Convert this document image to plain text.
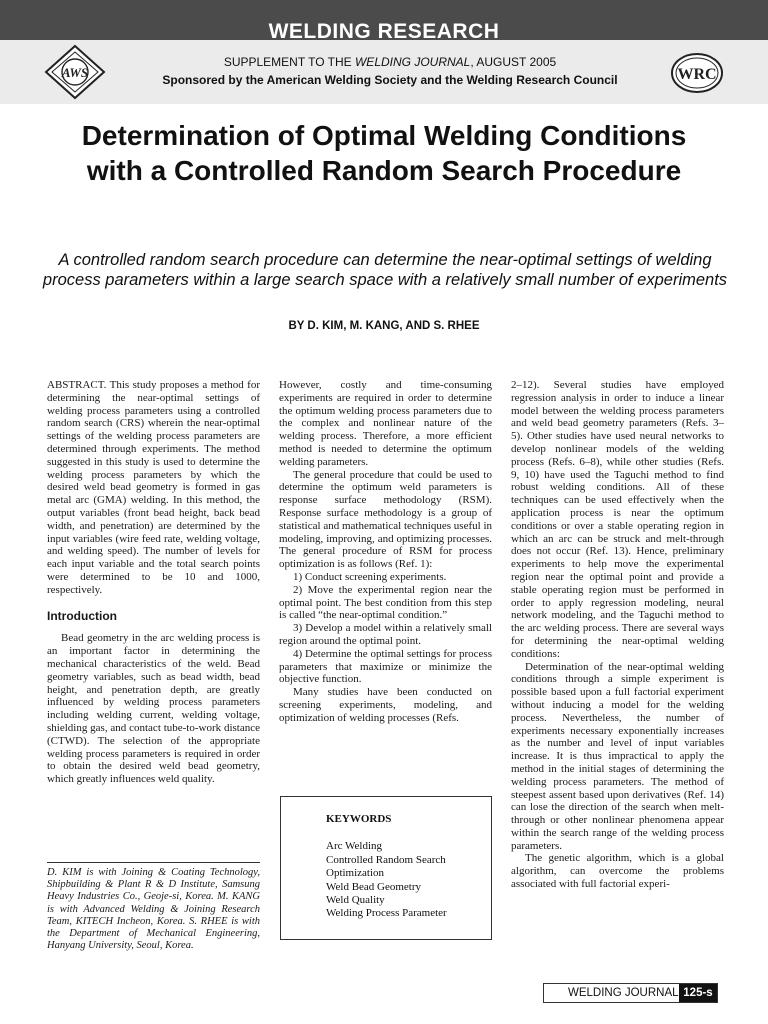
WELDING RESEARCH
AWS	WRC
SUPPLEMENT TO THE WELDING JOURNAL, AUGUST 2005
Sponsored by the American Welding Society and the Welding Research Council
Determination of Optimal Welding Conditions with a Controlled Random Search Procedure
A controlled random search procedure can determine the near-optimal settings of welding process parameters within a large search space with a relatively small number of experiments
BY D. KIM, M. KANG, AND S. RHEE

ABSTRACT. This study proposes a method for determining the near-optimal settings of welding process parameters using a controlled random search (CRS) wherein the near-optimal settings of the welding process parameters are determined through experiments. The method suggested in this study is used to determine the welding process parameters by which the desired weld bead geometry is formed in gas metal arc (GMA) welding. In this method, the output variables (front bead height, back bead width, and penetration) are determined by the input variables (wire feed rate, welding voltage, and welding speed). The number of levels for each input variable and the total search points were determined to be 10 and 1000, respectively.

Introduction

Bead geometry in the arc welding process is an important factor in determining the mechanical characteristics of the weld. Bead geometry variables, such as bead width, bead height, and penetration depth, are greatly influenced by welding process parameters including welding current, welding voltage, shielding gas, and contact tube-to-work distance (CTWD). The selection of the appropriate welding process parameters is required in order to obtain the desired weld bead geometry, which greatly influences weld quality.

D. KIM is with Joining & Coating Technology, Shipbuilding & Plant R & D Institute, Samsung Heavy Industries Co., Geoje-si, Korea. M. KANG is with Advanced Welding & Joining Research Team, KITECH Incheon, Korea. S. RHEE is with the Department of Mechanical Engineering, Hanyang University, Seoul, Korea.

However, costly and time-consuming experiments are required in order to determine the optimum welding process parameters due to the complex and nonlinear nature of the welding process. Therefore, a more efficient method is needed to determine the optimum welding parameters.

The general procedure that could be used to determine the optimum weld parameters is response surface methodology (RSM). Response surface methodology is a group of statistical and mathematical techniques useful in modeling, improving, and optimizing processes. The general procedure of RSM for process optimization is as follows (Ref. 1):

1) Conduct screening experiments.

2) Move the experimental region near the optimal point. The best condition from this step is called “the near-optimal condition.”

3) Develop a model within a relatively small region around the optimal point.

4) Determine the optimal settings for process parameters that maximize or minimize the objective function.

Many studies have been conducted on screening experiments, modeling, and optimization of welding processes (Refs.

KEYWORDS
Arc Welding
Controlled Random Search
Optimization
Weld Bead Geometry
Weld Quality
Welding Process Parameter

2–12). Several studies have employed regression analysis in order to induce a linear model between the welding process parameters and weld bead geometry parameters (Refs. 3–5). Other studies have used neural networks to develop nonlinear models of the welding process (Refs. 6–8), while other studies (Refs. 9, 10) have used the Taguchi method to find robust welding conditions. All of these techniques can be used effectively when the application process is near the optimum conditions or over a stable operating region in which an arc can be struck and melt-through does not occur (Ref. 13). Hence, preliminary experiments to help move the experimental region near the optimal point and provide a stable operating region must be performed in order to apply regression modeling, neural network modeling, and the Taguchi method to the arc welding process. There are several ways for determining the near-optimal welding conditions:

Determination of the near-optimal welding conditions through a simple experiment is possible based upon a full factorial experiment without inducing a model for the welding process. Nevertheless, the number of experiments necessary exponentially increases as the number and level of input variables increase. It is thus impractical to apply the method in the initial stages of determining the welding process parameters. The method of steepest assent based upon derivatives (Ref. 14) can lose the direction of the search when melt-through or other nonlinear phenomena appear within the search range of the welding process parameters.

The genetic algorithm, which is a global algorithm, can overcome the problems associated with full factorial experi-

WELDING JOURNAL 125-s
